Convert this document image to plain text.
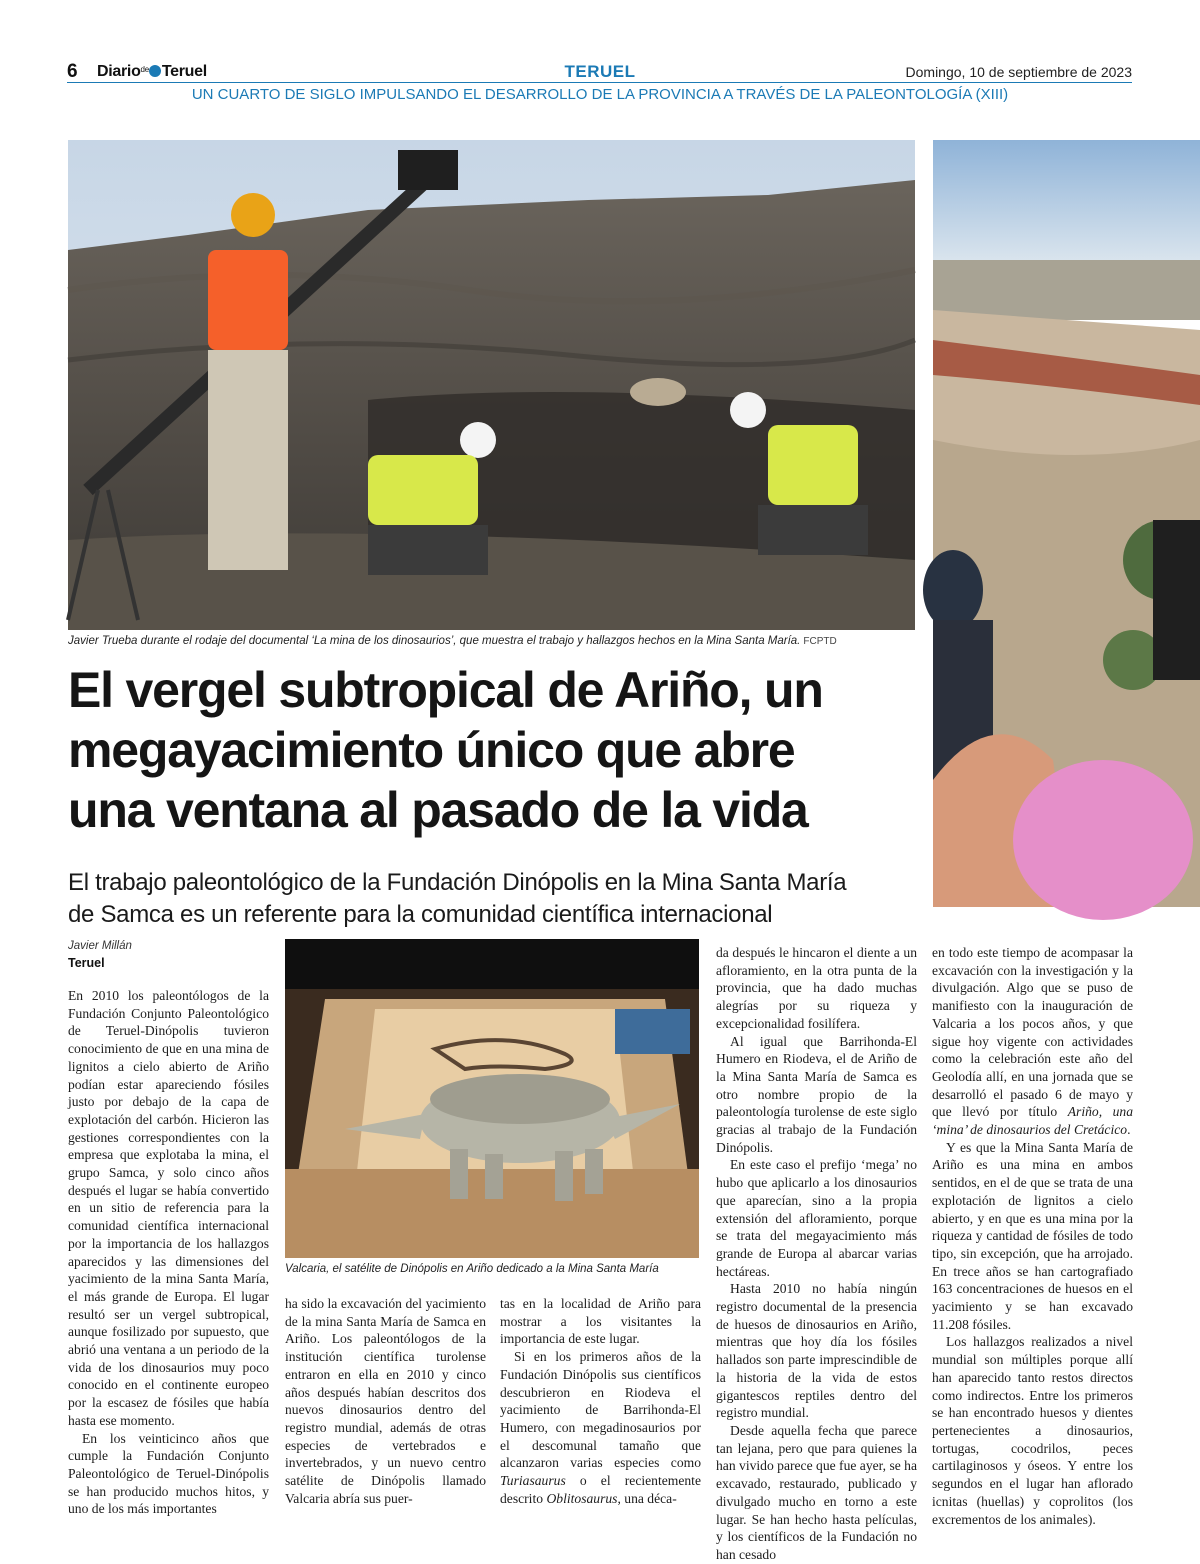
6 Diario$^{de}$ Teruel	TERUEL	Domingo, 10 de septiembre de 2023
UN CUARTO DE SIGLO IMPULSANDO EL DESARROLLO DE LA PROVINCIA A TRAVÉS DE LA PALEONTOLOGÍA (XIII)
Javier Trueba durante el rodaje del documental ‘La mina de los dinosaurios’, que muestra el trabajo y hallazgos hechos en la Mina Santa María. FCPTD
El vergel subtropical de Ariño, un
megayacimiento único que abre
una ventana al pasado de la vida
El trabajo paleontológico de la Fundación Dinópolis en la Mina Santa María
de Samca es un referente para la comunidad científica internacional
Javier Millán
Teruel
Valcaria, el satélite de Dinópolis en Ariño dedicado a la Mina Santa María

En 2010 los paleontólogos de la Fundación Conjunto Paleontológico de Teruel-Dinópolis tuvieron conocimiento de que en una mina de lignitos a cielo abierto de Ariño podían estar apareciendo fósiles justo por debajo de la capa de explotación del carbón. Hicieron las gestiones correspondientes con la empresa que explotaba la mina, el grupo Samca, y solo cinco años después el lugar se había convertido en un sitio de referencia para la comunidad científica internacional por la importancia de los hallazgos aparecidos y las dimensiones del yacimiento de la mina Santa María, el más grande de Europa. El lugar resultó ser un vergel subtropical, aunque fosilizado por supuesto, que abrió una ventana a un periodo de la vida de los dinosaurios muy poco conocido en el continente europeo por la escasez de fósiles que había hasta ese momento.

En los veinticinco años que cumple la Fundación Conjunto Paleontológico de Teruel-Dinópolis se han producido muchos hitos, y uno de los más importantes

ha sido la excavación del yacimiento de la mina Santa María de Samca en Ariño. Los paleontólogos de la institución científica turolense entraron en ella en 2010 y cinco años después habían descritos dos nuevos dinosaurios dentro del registro mundial, además de otras especies de vertebrados e invertebrados, y un nuevo centro satélite de Dinópolis llamado Valcaria abría sus puer-

tas en la localidad de Ariño para mostrar a los visitantes la importancia de este lugar.

Si en los primeros años de la Fundación Dinópolis sus científicos descubrieron en Riodeva el yacimiento de Barrihonda-El Humero, con megadinosaurios por el descomunal tamaño que alcanzaron varias especies como Turiasaurus o el recientemente descrito Oblitosaurus, una déca-

da después le hincaron el diente a un afloramiento, en la otra punta de la provincia, que ha dado muchas alegrías por su riqueza y excepcionalidad fosilífera.

Al igual que Barrihonda-El Humero en Riodeva, el de Ariño de la Mina Santa María de Samca es otro nombre propio de la paleontología turolense de este siglo gracias al trabajo de la Fundación Dinópolis.

En este caso el prefijo ‘mega’ no hubo que aplicarlo a los dinosaurios que aparecían, sino a la propia extensión del afloramiento, porque se trata del megayacimiento más grande de Europa al abarcar varias hectáreas.

Hasta 2010 no había ningún registro documental de la presencia de huesos de dinosaurios en Ariño, mientras que hoy día los fósiles hallados son parte imprescindible de la historia de la vida de estos gigantescos reptiles dentro del registro mundial.

Desde aquella fecha que parece tan lejana, pero que para quienes la han vivido parece que fue ayer, se ha excavado, restaurado, publicado y divulgado mucho en torno a este lugar. Se han hecho hasta películas, y los científicos de la Fundación no han cesado

en todo este tiempo de acompasar la excavación con la investigación y la divulgación. Algo que se puso de manifiesto con la inauguración de Valcaria a los pocos años, y que sigue hoy vigente con actividades como la celebración este año del Geolodía allí, en una jornada que se desarrolló el pasado 6 de mayo y que llevó por título Ariño, una ‘mina’ de dinosaurios del Cretácico.

Y es que la Mina Santa María de Ariño es una mina en ambos sentidos, en el de que se trata de una explotación de lignitos a cielo abierto, y en que es una mina por la riqueza y cantidad de fósiles de todo tipo, sin excepción, que ha arrojado. En trece años se han cartografiado 163 concentraciones de huesos en el yacimiento y se han excavado 11.208 fósiles.

Los hallazgos realizados a nivel mundial son múltiples porque allí han aparecido tanto restos directos como indirectos. Entre los primeros se han encontrado huesos y dientes pertenecientes a dinosaurios, tortugas, cocodrilos, peces cartilaginosos y óseos. Y entre los segundos en el lugar han aflorado icnitas (huellas) y coprolitos (los excrementos de los animales).
